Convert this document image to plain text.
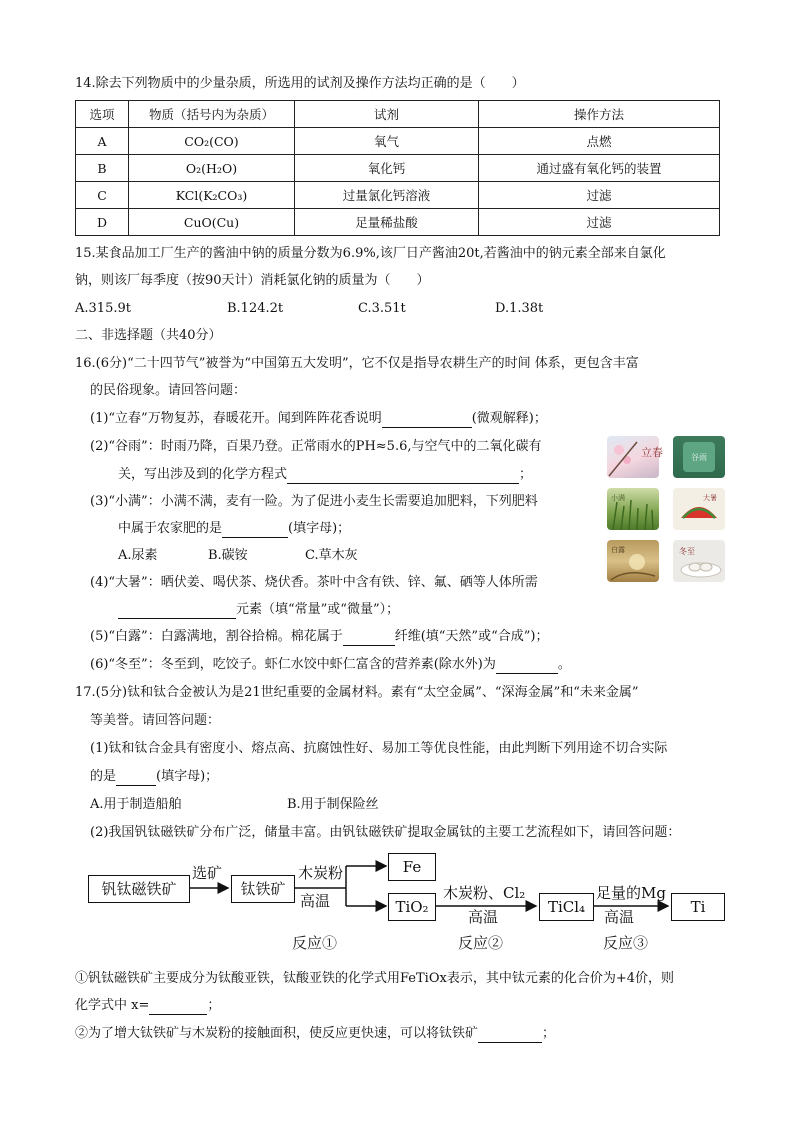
14.除去下列物质中的少量杂质，所选用的试剂及操作方法均正确的是（　　）
选项	物质（括号内为杂质）	试剂	操作方法
A	CO₂(CO)	氧气	点燃
B	O₂(H₂O)	氧化钙	通过盛有氧化钙的装置
C	KCl(K₂CO₃)	过量氯化钙溶液	过滤
D	CuO(Cu)	足量稀盐酸	过滤
15.某食品加工厂生产的酱油中钠的质量分数为6.9%,该厂日产酱油20t,若酱油中的钠元素全部来自氯化
钠，则该厂每季度（按90天计）消耗氯化钠的质量为（　　）
A.315.9t	B.124.2t	C.3.51t	D.1.38t
二、非选择题（共40分）
16.(6分)“二十四节气”被誉为“中国第五大发明”，它不仅是指导农耕生产的时间 体系，更包含丰富
的民俗现象。请回答问题：
(1)“立春”万物复苏，春暖花开。闻到阵阵花香说明	(微观解释)；
(2)“谷雨”：时雨乃降，百果乃登。正常雨水的PH≈5.6,与空气中的二氧化碳有
关，写出涉及到的化学方程式	；
(3)“小满”：小满不满，麦有一险。为了促进小麦生长需要追加肥料，下列肥料
中属于农家肥的是	(填字母)；
A.尿素	B.碳铵	C.草木灰
(4)“大暑”：晒伏姜、喝伏茶、烧伏香。茶叶中含有铁、锌、氟、硒等人体所需
元素（填“常量”或“微量”）；
(5)“白露”：白露满地，割谷拾棉。棉花属于	纤维(填“天然”或“合成”)；
(6)“冬至”：冬至到，吃饺子。虾仁水饺中虾仁富含的营养素(除水外)为	。
立春	谷雨
小满	大暑
白露	冬至
17.(5分)钛和钛合金被认为是21世纪重要的金属材料。素有“太空金属”、“深海金属”和“未来金属”
等美誉。请回答问题：
(1)钛和钛合金具有密度小、熔点高、抗腐蚀性好、易加工等优良性能，由此判断下列用途不切合实际
的是	(填字母)；
A.用于制造船舶	B.用于制保险丝
(2)我国钒钛磁铁矿分布广泛，储量丰富。由钒钛磁铁矿提取金属钛的主要工艺流程如下，请回答问题：
钒钛磁铁矿	钛铁矿
Fe
TiO₂	TiCl₄	Ti
选矿	木炭粉
高温	木炭粉、Cl₂
高温
足量的Mg
高温
反应①	反应②	反应③
①钒钛磁铁矿主要成分为钛酸亚铁，钛酸亚铁的化学式用FeTiOx表示，其中钛元素的化合价为+4价，则
化学式中 x=	；
②为了增大钛铁矿与木炭粉的接触面积，使反应更快速，可以将钛铁矿	；
